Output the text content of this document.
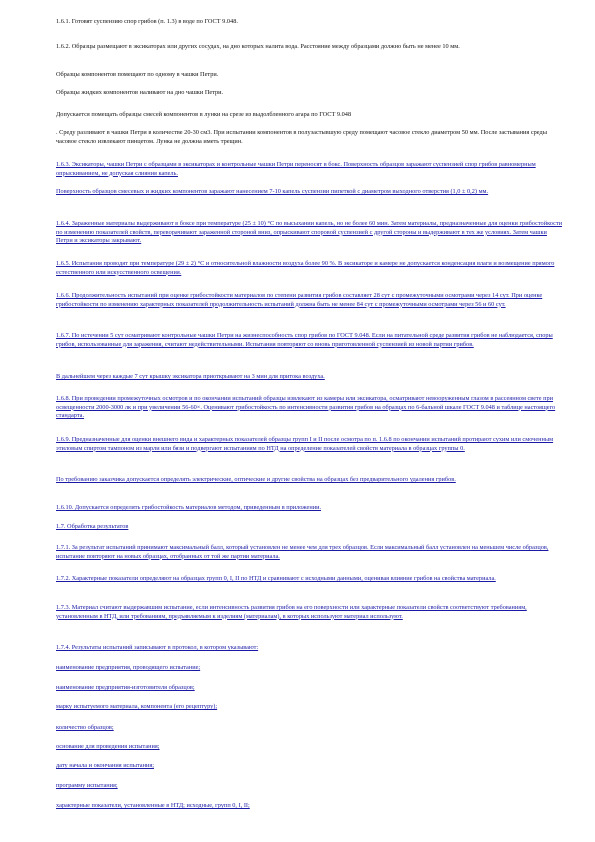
1.6.1. Готовят суспензию спор грибов (п. 1.3) в воде по ГОСТ 9.048.

1.6.2. Образцы размещают в эксикаторах или других сосудах, на дно которых налита вода. Расстояние между образцами должно быть не менее 10 мм.

Образцы компонентов помещают по одному в чашки Петри.

Образцы жидких компонентов наливают на дно чашки Петри.

Допускается помещать образцы смесей компонентов в лунки на срезе из выдолбленного агара по ГОСТ 9.048

. Среду разливают в чашки Петри в количестве 20-30 см3. При испытании компонентов в полузастывшую среду помещают часовое стекло диаметром 50 мм. После застывания среды часовое стекло извлекают пинцетом. Лунка не должна иметь трещин.

1.6.3. Эксикаторы, чашки Петри с образцами в эксикаторах и контрольные чашки Петри переносят в бокс. Поверхность образцов заражают суспензией спор грибов равномерным опрыскиванием, не допуская слияния капель.

Поверхность образцов смесевых и жидких компонентов заражают нанесением 7-10 капель суспензии пипеткой с диаметром выходного отверстия (1,0 ± 0,2) мм.

1.6.4. Зараженные материалы выдерживают в боксе при температуре (25 ± 10) °С по высыхании капель, но не более 60 мин. Затем материалы, предназначенные для оценки грибостойкости по изменению показателей свойств, переворачивают зараженной стороной вниз, опрыскивают споровой суспензией с другой стороны и выдерживают в тех же условиях. Затем чашки Петри и эксикаторы закрывают.

1.6.5. Испытания проводят при температуре (29 ± 2) °С и относительной влажности воздуха более 90 %. В эксикаторе и камере не допускается конденсация влаги и возмещение прямого естественного или искусственного освещения.

1.6.6. Продолжительность испытаний при оценке грибостойкости материалов по степени развития грибов составляет 28 сут с промежуточными осмотрами через 14 сут. При оценке грибостойкости по изменению характерных показателей продолжительность испытаний должна быть не менее 84 сут с промежуточными осмотрами через 56 и 60 сут.

1.6.7. По истечении 5 сут осматривают контрольные чашки Петри на жизнеспособность спор грибов по ГОСТ 9.048. Если на питательной среде развития грибов не наблюдается, споры грибов, использованные для заражения, считают недействительными. Испытания повторяют со вновь приготовленной суспензией из новой партии грибов.

В дальнейшем через каждые 7 сут крышку эксикатора приоткрывают на 3 мин для притока воздуха.

1.6.8. При проведении промежуточных осмотров и по окончании испытаний образцы извлекают из камеры или эксикатора, осматривают невооруженным глазом в рассеянном свете при освещенности 2000-3000 лк и при увеличении 56-60×. Оценивают грибостойкость по интенсивности развития грибов на образцах по 6-бальной шкале ГОСТ 9.048 и таблице настоящего стандарта.

1.6.9. Предназначенные для оценки внешнего вида и характерных показателей образцы групп I и II после осмотра по п. 1.6.8 по окончании испытаний протирают сухим или смоченным этиловым спиртом тампоном из марли или бязи и подвергают испытаниям по НТД на определение показателей свойств материала в образцах группы 0.

По требованию заказчика допускается определять электрические, оптические и другие свойства на образцах без предварительного удаления грибов.

1.6.10. Допускается определять грибостойкость материалов методом, приведенным в приложении.

1.7. Обработка результатов

1.7.1. За результат испытаний принимают максимальный балл, который установлен не менее чем для трех образцов. Если максимальный балл установлен на меньшем числе образцов, испытание повторяют на новых образцах, отобранных от той же партии материала.

1.7.2. Характерные показатели определяют на образцах групп 0, I, II по НТД и сравнивают с исходными данными, оценивая влияние грибов на свойства материала.

1.7.3. Материал считают выдержавшим испытание, если интенсивность развития грибов на его поверхности или характерные показатели свойств соответствуют требованиям, установленным в НТД, или требованиям, предъявляемым к изделиям (материалам), в которых используют материал используют.

1.7.4. Результаты испытаний записывают в протокол, в котором указывают:

наименование предприятия, проводящего испытание;

наименование предприятия-изготовителя образцов;

марку испытуемого материала, компонента (его рецептуру);

количество образцов;

основание для проведения испытания;

дату начала и окончания испытания;

программу испытания;

характерные показатели, установленные в НТД; исходные, групп 0, I, II;
